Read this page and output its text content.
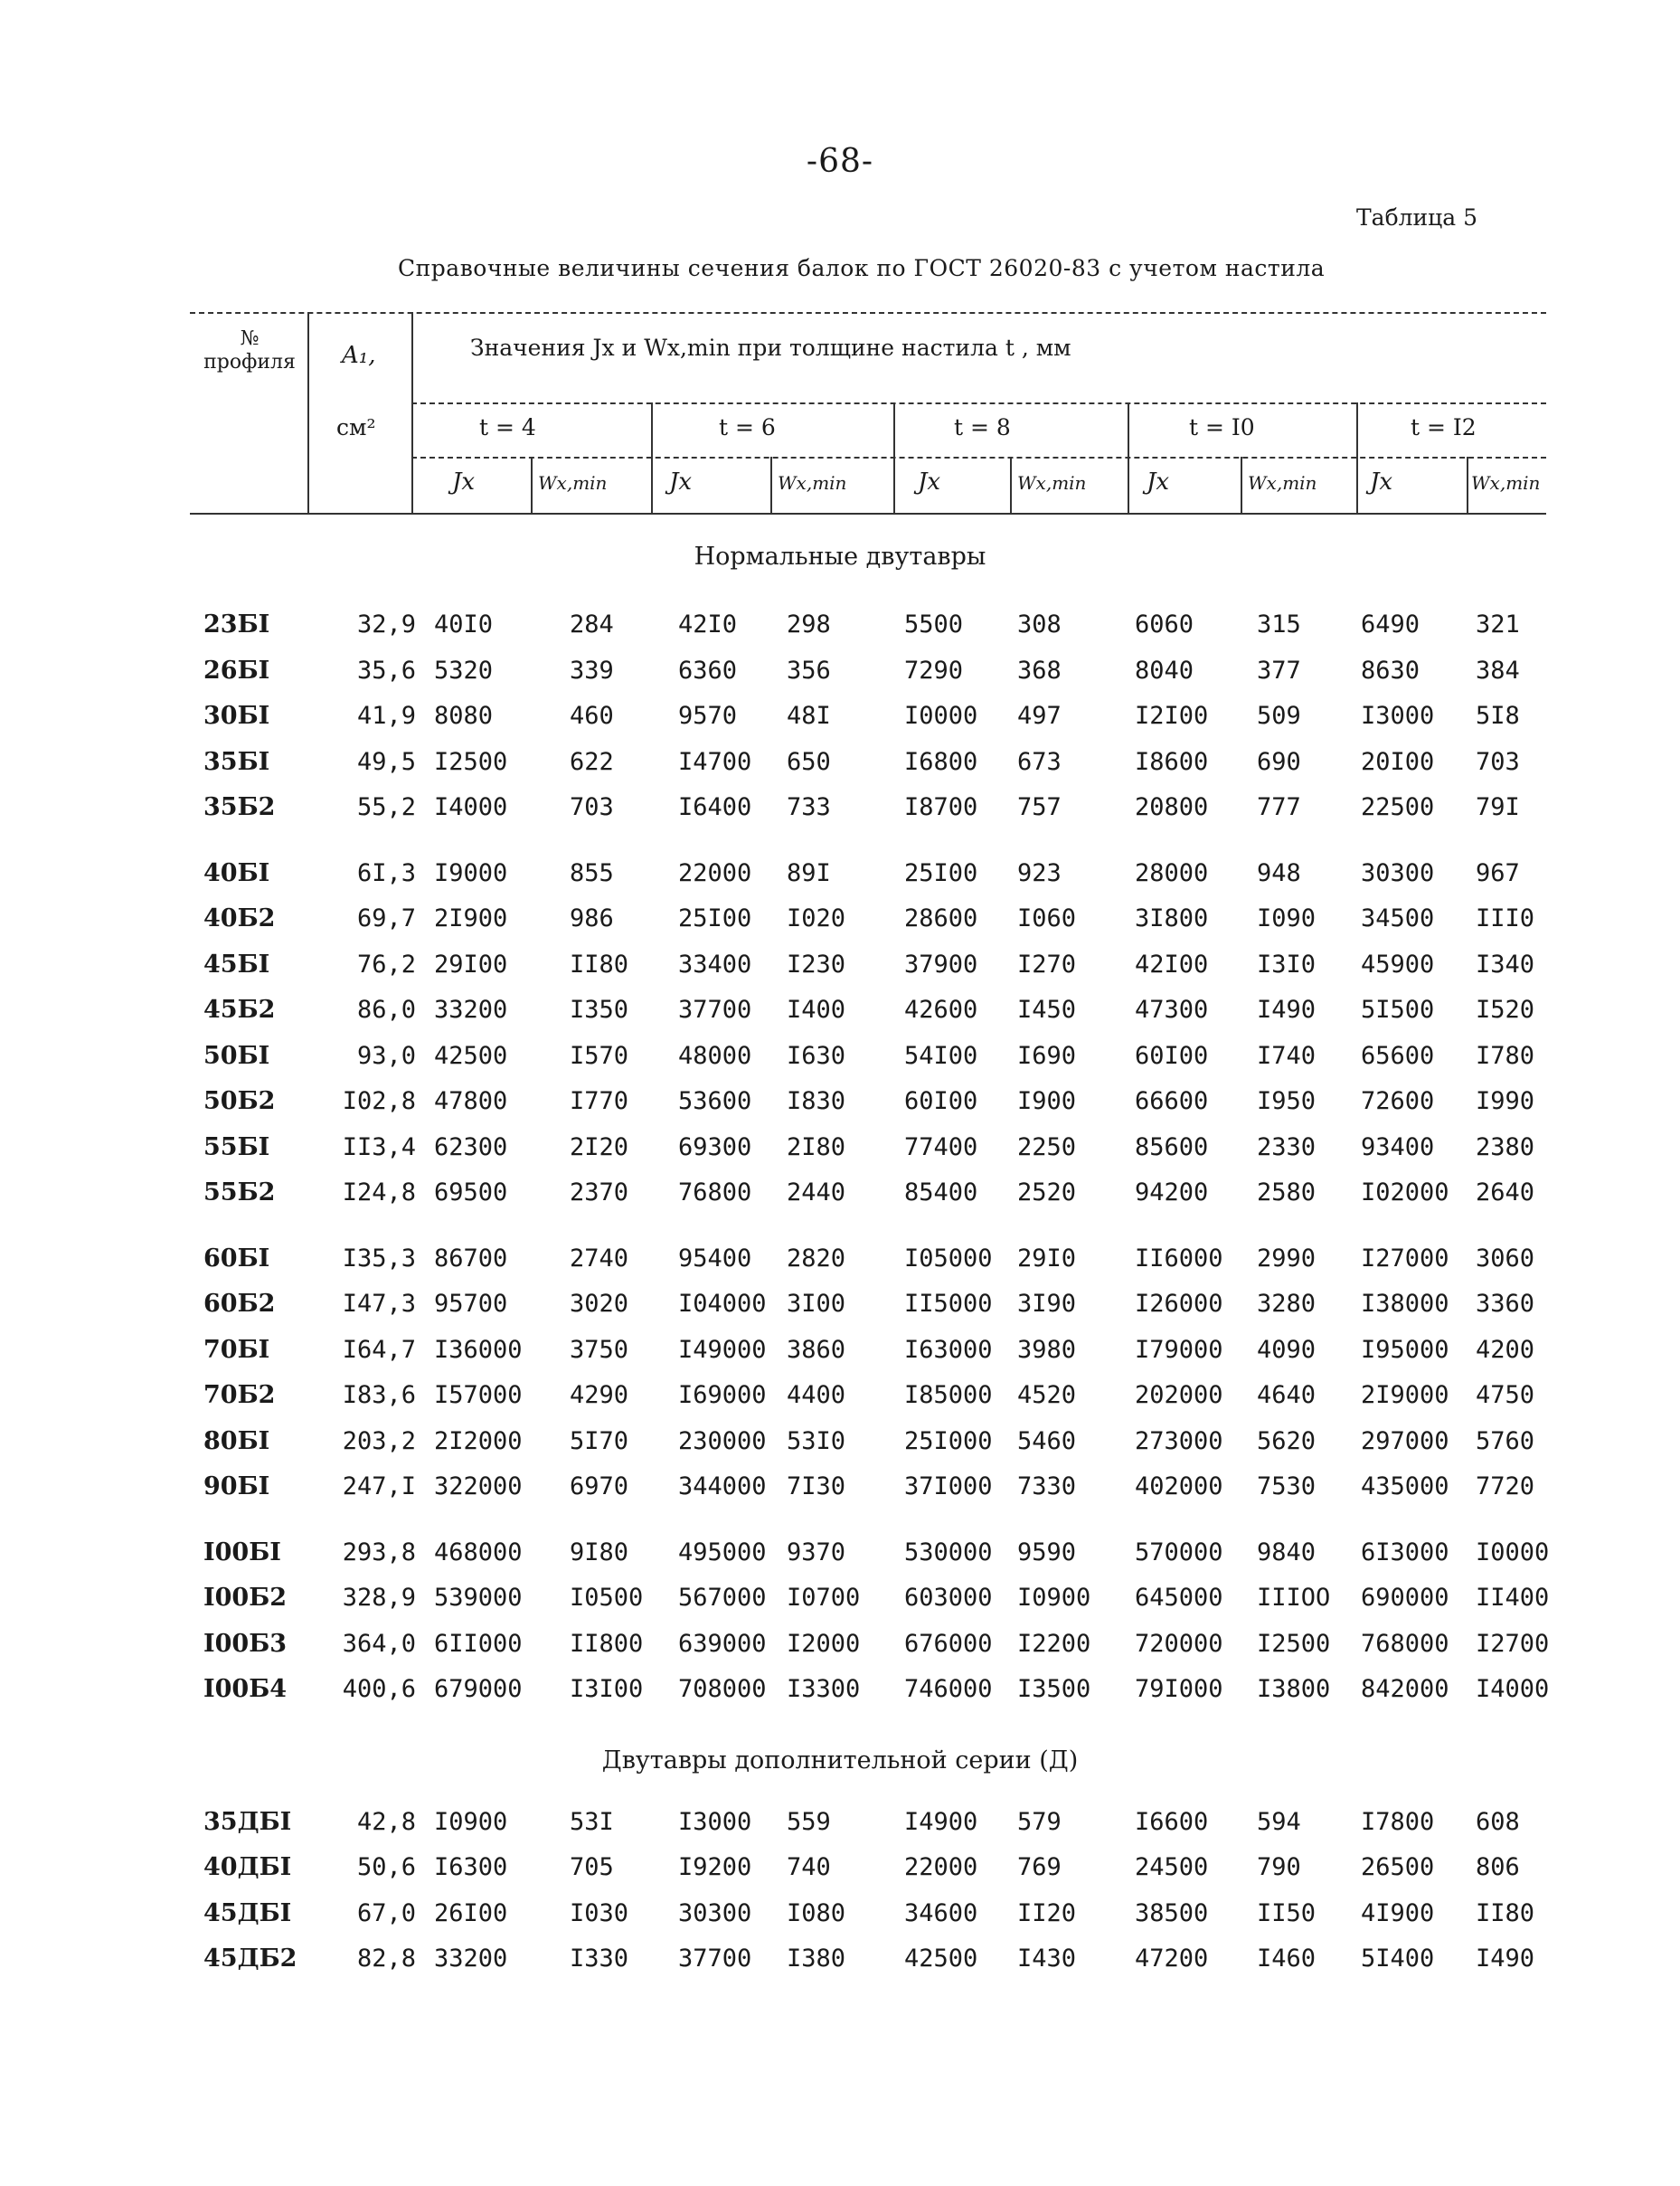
-68-
Таблица 5
Справочные величины сечения балок по ГОСТ 26020-83 с учетом настила
№ профиля A₁,
см²
Значения Jx и Wx,min при толщине настила t , мм
t = 4	t = 6	t = 8	t = I0	t = I2
Jx	Wx,min	Jx	Wx,min	Jx	Wx,min	Jx	Wx,min Jx	Wx,min
Нормальные двутавры
23БI	32,9 40I0	284	42I0	298	5500	308	6060	315	6490	321
26БI	35,6 5320	339	6360	356	7290	368	8040	377	8630	384
30БI	41,9 8080	460	9570	48I	I0000	497	I2I00	509	I3000	5I8
35БI	49,5 I2500	622	I4700	650	I6800	673	I8600	690	20I00	703
35Б2	55,2 I4000	703	I6400	733	I8700	757	20800	777	22500	79I
40БI	6I,3 I9000	855	22000	89I	25I00	923	28000	948	30300	967
40Б2	69,7 2I900	986	25I00	I020	28600	I060	3I800	I090	34500	III0
45БI	76,2 29I00	II80	33400	I230	37900	I270	42I00	I3I0	45900	I340
45Б2	86,0 33200	I350	37700	I400	42600	I450	47300	I490	5I500	I520
50БI	93,0 42500	I570	48000	I630	54I00	I690	60I00	I740	65600	I780
50Б2	I02,8 47800	I770	53600	I830	60I00	I900	66600	I950	72600	I990
55БI	II3,4 62300	2I20	69300	2I80	77400	2250	85600	2330	93400	2380
55Б2	I24,8 69500	2370	76800	2440	85400	2520	94200	2580	I02000	2640
60БI	I35,3 86700	2740	95400	2820	I05000	29I0	II6000	2990	I27000	3060
60Б2	I47,3 95700	3020	I04000 3I00	II5000	3I90	I26000	3280	I38000	3360
70БI	I64,7 I36000	3750	I49000 3860	I63000	3980	I79000	4090	I95000	4200
70Б2	I83,6 I57000	4290	I69000 4400	I85000	4520	202000	4640	2I9000	4750
80БI	203,2 2I2000	5I70	230000 53I0	25I000	5460	273000	5620	297000	5760
90БI	247,I 322000	6970	344000 7I30	37I000	7330	402000	7530	435000	7720
I00БI	293,8 468000	9I80	495000 9370	530000	9590	570000	9840	6I3000	I0000
I00Б2	328,9 539000	I0500 567000 I0700 603000	I0900 645000	IIIOO 690000	II400
I00Б3	364,0 6II000	II800 639000 I2000 676000	I2200 720000	I2500 768000	I2700
I00Б4	400,6 679000	I3I00 708000 I3300 746000	I3500 79I000	I3800 842000	I4000
Двутавры дополнительной серии (Д)
35ДБI	42,8 I0900	53I	I3000	559	I4900	579	I6600	594	I7800	608
40ДБI	50,6 I6300	705	I9200	740	22000	769	24500	790	26500	806
45ДБI	67,0 26I00	I030	30300	I080	34600	II20	38500	II50	4I900	II80
45ДБ2	82,8 33200	I330	37700	I380	42500	I430	47200	I460	5I400	I490
